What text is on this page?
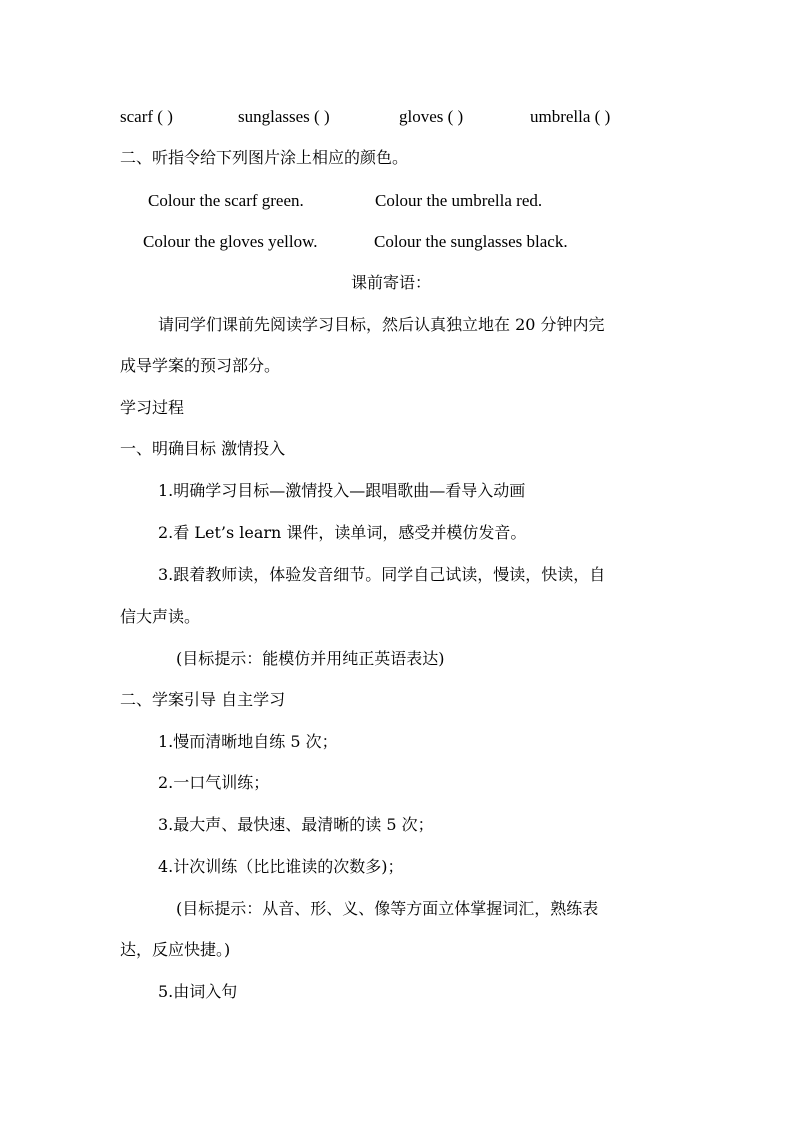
scarf ( )	sunglasses ( )	gloves ( )	umbrella ( )
二、听指令给下列图片涂上相应的颜色。
Colour the scarf green.	Colour the umbrella red.
Colour the gloves yellow.	Colour the sunglasses black.
课前寄语：
请同学们课前先阅读学习目标，然后认真独立地在 20 分钟内完
成导学案的预习部分。
学习过程
一、明确目标 激情投入
1.明确学习目标—激情投入—跟唱歌曲—看导入动画
2.看 Let’s learn 课件，读单词，感受并模仿发音。
3.跟着教师读，体验发音细节。同学自己试读，慢读，快读，自
信大声读。
(目标提示：能模仿并用纯正英语表达)
二、学案引导 自主学习
1.慢而清晰地自练 5 次；
2.一口气训练；
3.最大声、最快速、最清晰的读 5 次；
4.计次训练（比比谁读的次数多)；
(目标提示：从音、形、义、像等方面立体掌握词汇，熟练表
达，反应快捷。)
5.由词入句
